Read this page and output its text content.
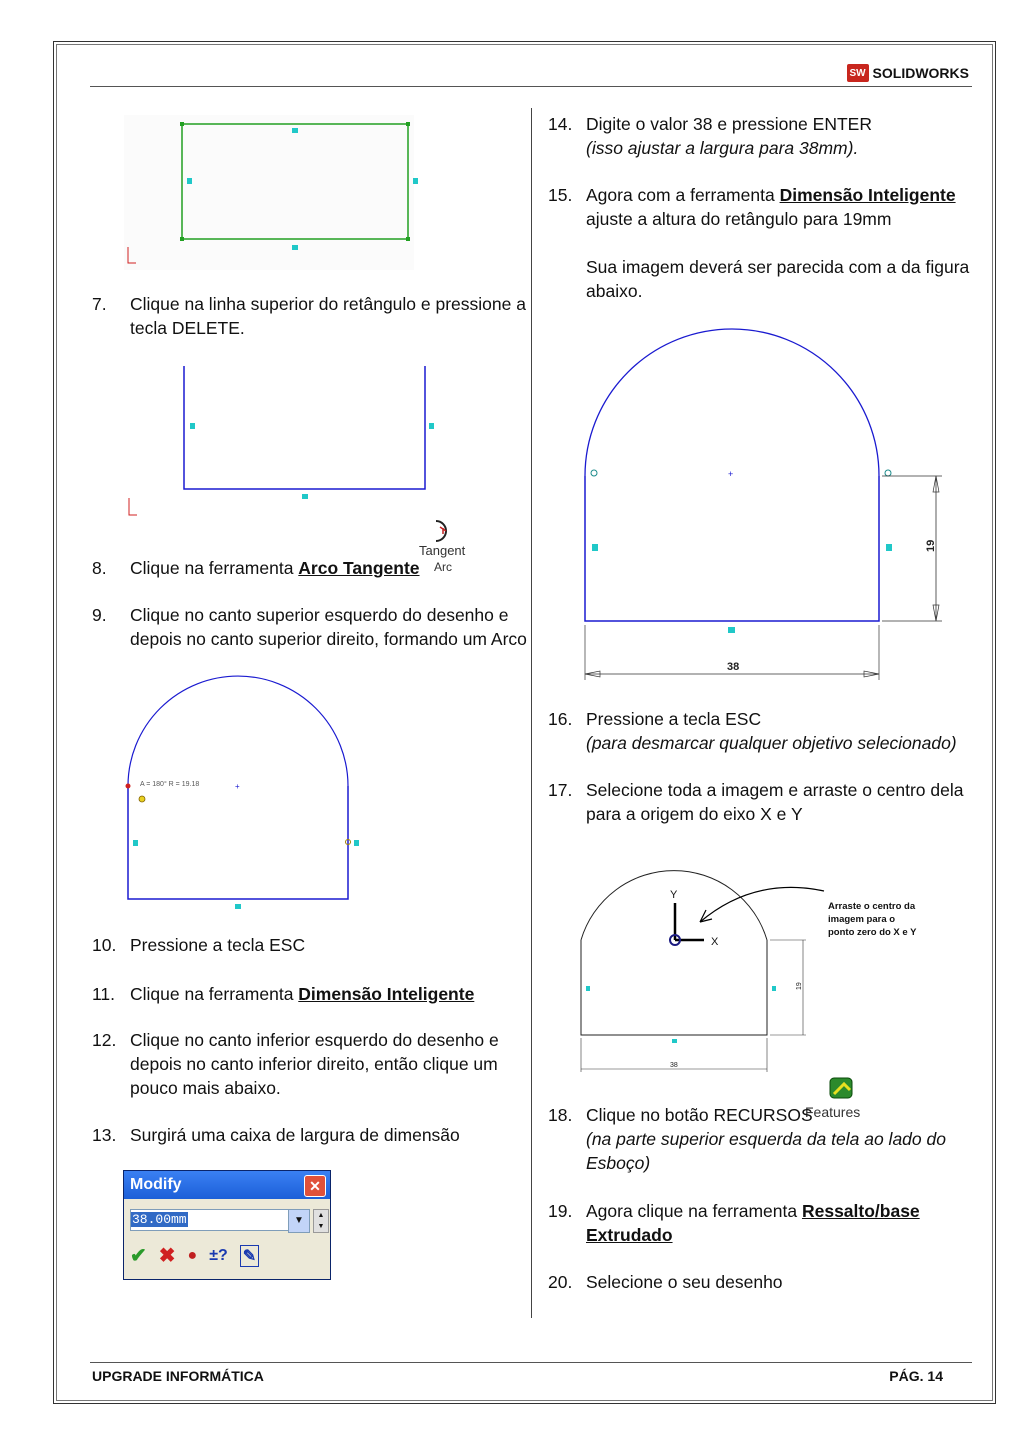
SW SOLIDWORKS
7.	Clique na linha superior do retângulo e pressione a
tecla DELETE.
Tangent
Arc
8.	Clique na ferramenta Arco Tangente
9.	Clique no canto superior esquerdo do desenho e
depois no canto superior direito, formando um Arco
A = 180° R = 19.18	+
10. Pressione a tecla ESC
11. Clique na ferramenta Dimensão Inteligente
12. Clique no canto inferior esquerdo do desenho e
depois no canto inferior direito, então clique um
pouco mais abaixo.
13. Surgirá uma caixa de largura de dimensão
Modify	✕
38.00mm	▼	▲
▼
✔ ✖ ● ±? ✎
14. Digite o valor 38 e pressione ENTER
(isso ajustar a largura para 38mm).
15. Agora com a ferramenta Dimensão Inteligente
ajuste a altura do retângulo para 19mm
Sua imagem deverá ser parecida com a da figura
abaixo.
+
38
19
16. Pressione a tecla ESC
(para desmarcar qualquer objetivo selecionado)
17. Selecione toda a imagem e arraste o centro dela
para a origem do eixo X e Y
Y
X
Arraste o centro da
imagem para o
ponto zero do X e Y
38
19
Features
18. Clique no botão RECURSOS
(na parte superior esquerda da tela ao lado do
Esboço)
19. Agora clique na ferramenta Ressalto/base
Extrudado
20. Selecione o seu desenho
UPGRADE INFORMÁTICA	PÁG. 14
